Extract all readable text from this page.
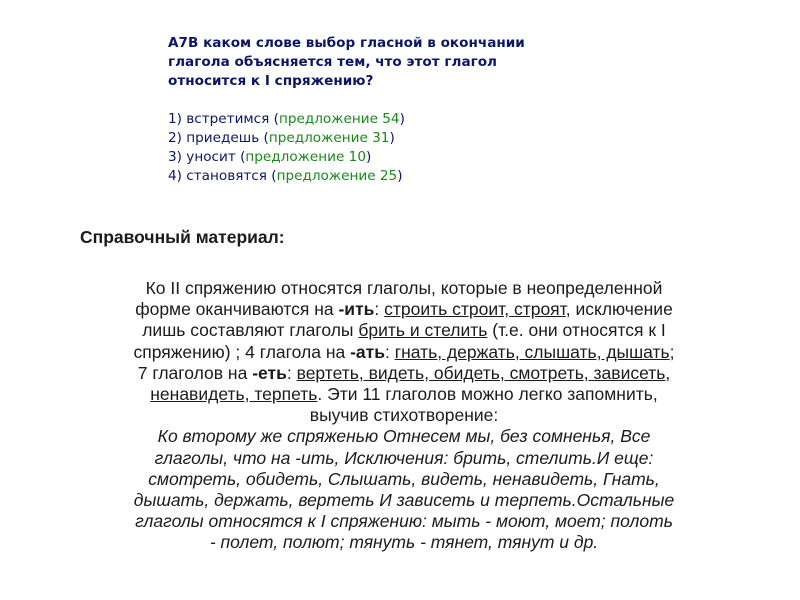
А7В каком слове выбор гласной в окончании
глагола объясняется тем, что этот глагол
относится к I спряжению?

1) встретимся (предложение 54)
2) приедешь (предложение 31)
3) уносит (предложение 10)
4) становятся (предложение 25)
Справочный материал:
Ко II спряжению относятся глаголы, которые в неопределенной
форме оканчиваются на -ить: строить строит, строят, исключение
лишь составляют глаголы брить и стелить (т.е. они относятся к I
спряжению) ; 4 глагола на -ать: гнать, держать, слышать, дышать;
7 глаголов на -еть: вертеть, видеть, обидеть, смотреть, зависеть,
ненавидеть, терпеть. Эти 11 глаголов можно легко запомнить,
выучив стихотворение:
Ко второму же спряженью Отнесем мы, без сомненья, Все
глаголы, что на -ить, Исключения: брить, стелить.И еще:
смотреть, обидеть, Слышать, видеть, ненавидеть, Гнать,
дышать, держать, вертеть И зависеть и терпеть.Остальные
глаголы относятся к I спряжению: мыть - моют, моет; полоть
- полет, полют; тянуть - тянет, тянут и др.
